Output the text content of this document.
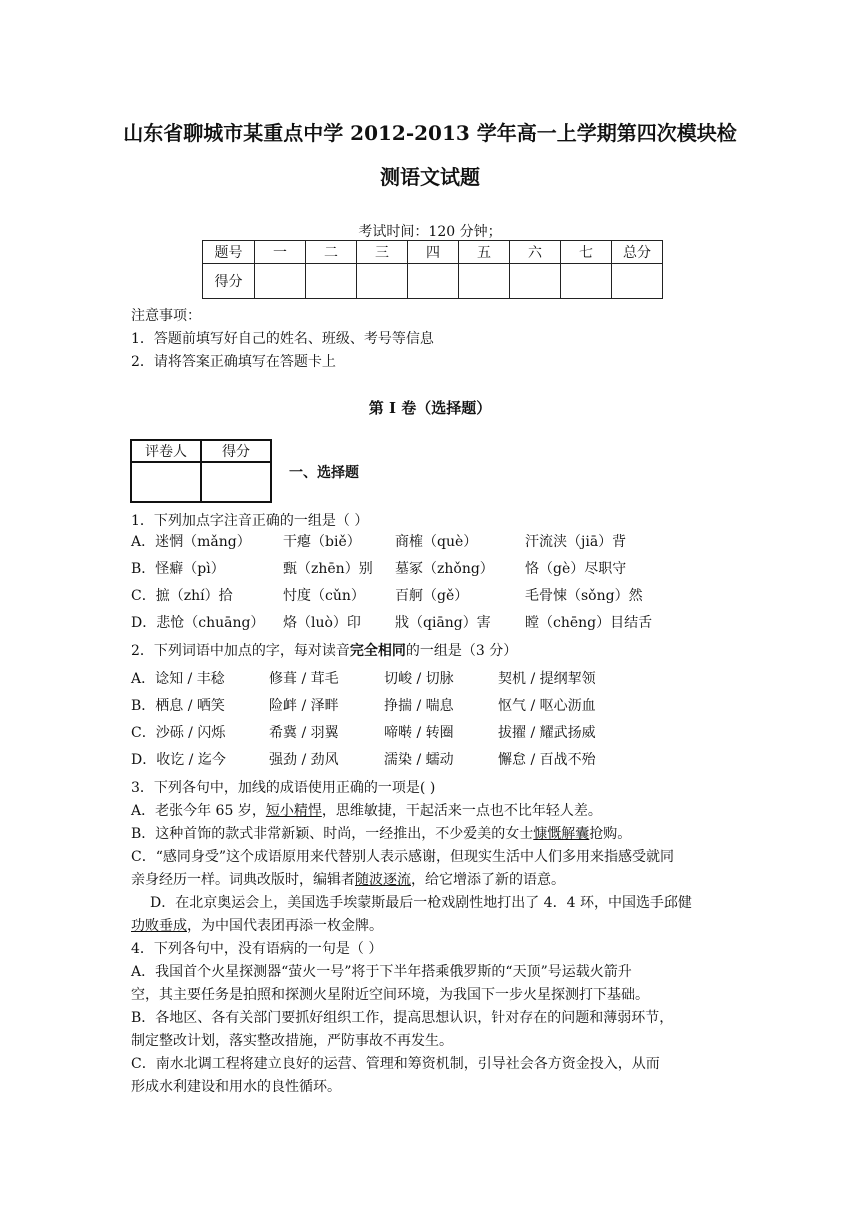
山东省聊城市某重点中学 2012-2013 学年高一上学期第四次模块检
测语文试题
考试时间：120 分钟；
题号	一	二	三	四	五	六	七	总分
得分								
注意事项：
1．答题前填写好自己的姓名、班级、考号等信息
2．请将答案正确填写在答题卡上
第 I 卷（选择题）
评卷人	得分

一、选择题
1．下列加点字注音正确的一组是（ ）
A．迷惘（mǎng） 干瘪（biě） 商榷（què）	汗流浃（jiā）背
B．怪癖（pì）	甄（zhēn）别 墓冢（zhǒng） 恪（gè）尽职守
C．摭（zhí）拾	忖度（cǔn） 百舸（gě）	毛骨悚（sǒng）然
D．悲怆（chuāng） 烙（luò）印 戕（qiāng）害 瞠（chēng）目结舌
2．下列词语中加点的字，每对读音完全相同的一组是（3 分）
A．谂知 / 丰稔	修葺 / 茸毛	切峻 / 切脉	契机 / 提纲挈领
B．栖息 / 哂笑	险衅 / 泽畔	挣揣 / 喘息	怄气 / 呕心沥血
C．沙砾 / 闪烁	希冀 / 羽翼	啼啭 / 转圈	拔擢 / 耀武扬威
D．收讫 / 迄今	强劲 / 劲风	濡染 / 蠕动	懈怠 / 百战不殆
3．下列各句中，加线的成语使用正确的一项是( )
A．老张今年 65 岁，短小精悍，思维敏捷，干起活来一点也不比年轻人差。
B．这种首饰的款式非常新颖、时尚，一经推出，不少爱美的女士慷慨解囊抢购。
C．“感同身受”这个成语原用来代替别人表示感谢，但现实生活中人们多用来指感受就同
亲身经历一样。词典改版时，编辑者随波逐流，给它增添了新的语意。
D．在北京奥运会上，美国选手埃蒙斯最后一枪戏剧性地打出了 4．4 环，中国选手邱健
功败垂成，为中国代表团再添一枚金牌。
4．下列各句中，没有语病的一句是（ ）
A．我国首个火星探测器“萤火一号”将于下半年搭乘俄罗斯的“天顶”号运载火箭升
空，其主要任务是拍照和探测火星附近空间环境，为我国下一步火星探测打下基础。
B．各地区、各有关部门要抓好组织工作，提高思想认识，针对存在的问题和薄弱环节，
制定整改计划，落实整改措施，严防事故不再发生。
C．南水北调工程将建立良好的运营、管理和筹资机制，引导社会各方资金投入，从而
形成水利建设和用水的良性循环。
